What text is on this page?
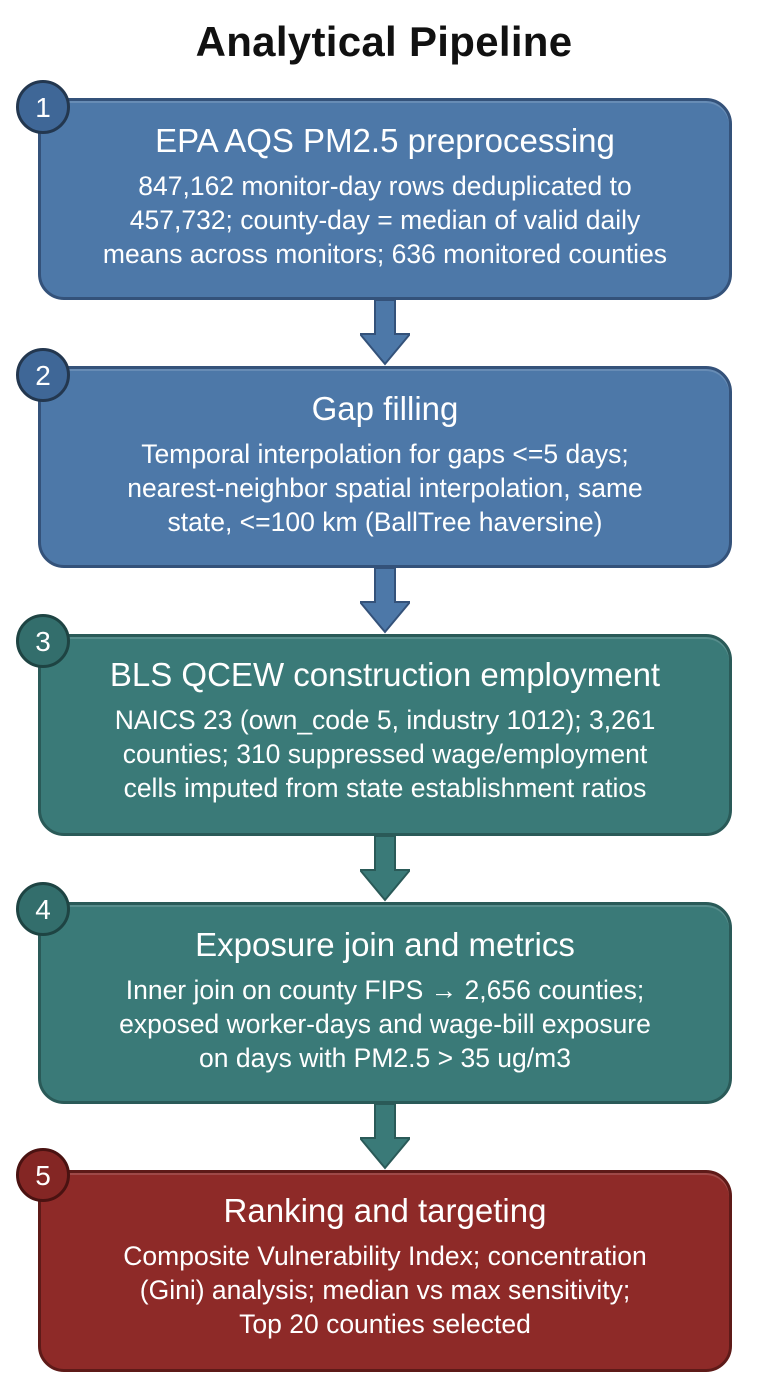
Analytical Pipeline
1
EPA AQS PM2.5 preprocessing
847,162 monitor-day rows deduplicated to
457,732; county-day = median of valid daily
means across monitors; 636 monitored counties
2
Gap filling
Temporal interpolation for gaps <=5 days;
nearest-neighbor spatial interpolation, same
state, <=100 km (BallTree haversine)
3
BLS QCEW construction employment
NAICS 23 (own_code 5, industry 1012); 3,261
counties; 310 suppressed wage/employment
cells imputed from state establishment ratios
4
Exposure join and metrics
Inner join on county FIPS → 2,656 counties;
exposed worker-days and wage-bill exposure
on days with PM2.5 > 35 ug/m3
5
Ranking and targeting
Composite Vulnerability Index; concentration
(Gini) analysis; median vs max sensitivity;
Top 20 counties selected
